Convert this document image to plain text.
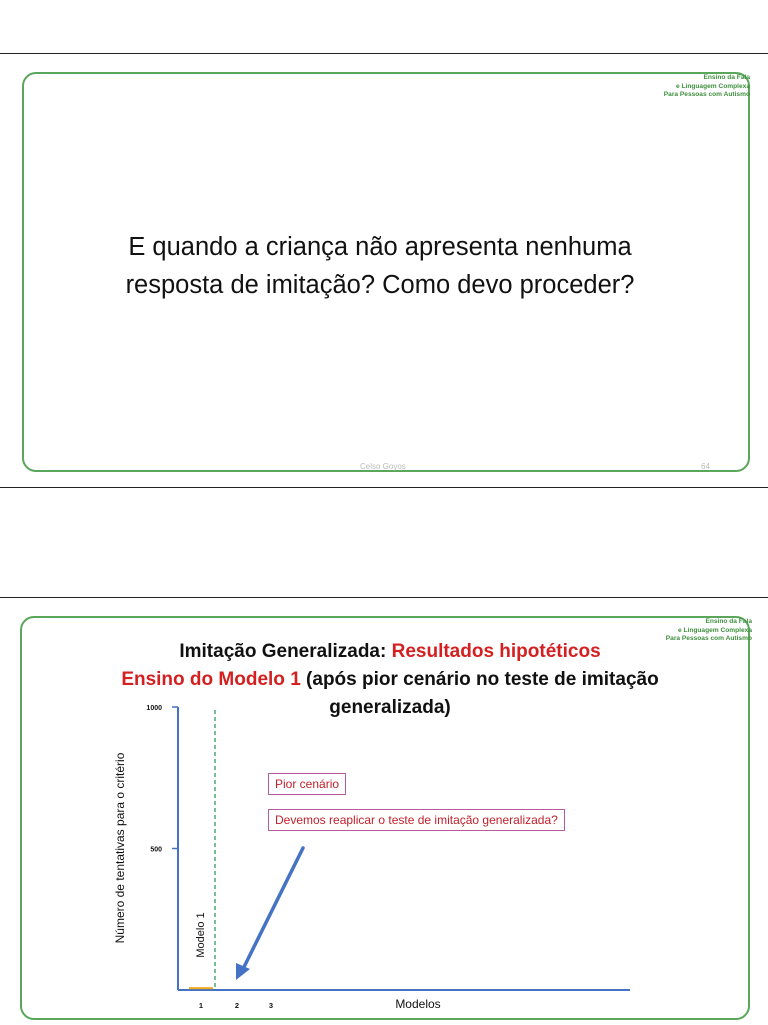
Ensino da Fala
e Linguagem Complexa
Para Pessoas com Autismo
E quando a criança não apresenta nenhuma
resposta de imitação? Como devo proceder?
Celso Goyos	64
Ensino da Fala
e Linguagem Complexa
Para Pessoas com Autismo
1000
500
1	2	3
Modelo 1
Número de tentativas para o critério
Modelos
Imitação Generalizada: Resultados hipotéticos
Ensino do Modelo 1 (após pior cenário no teste de imitação generalizada)
Pior cenário
Devemos reaplicar o teste de imitação generalizada?
